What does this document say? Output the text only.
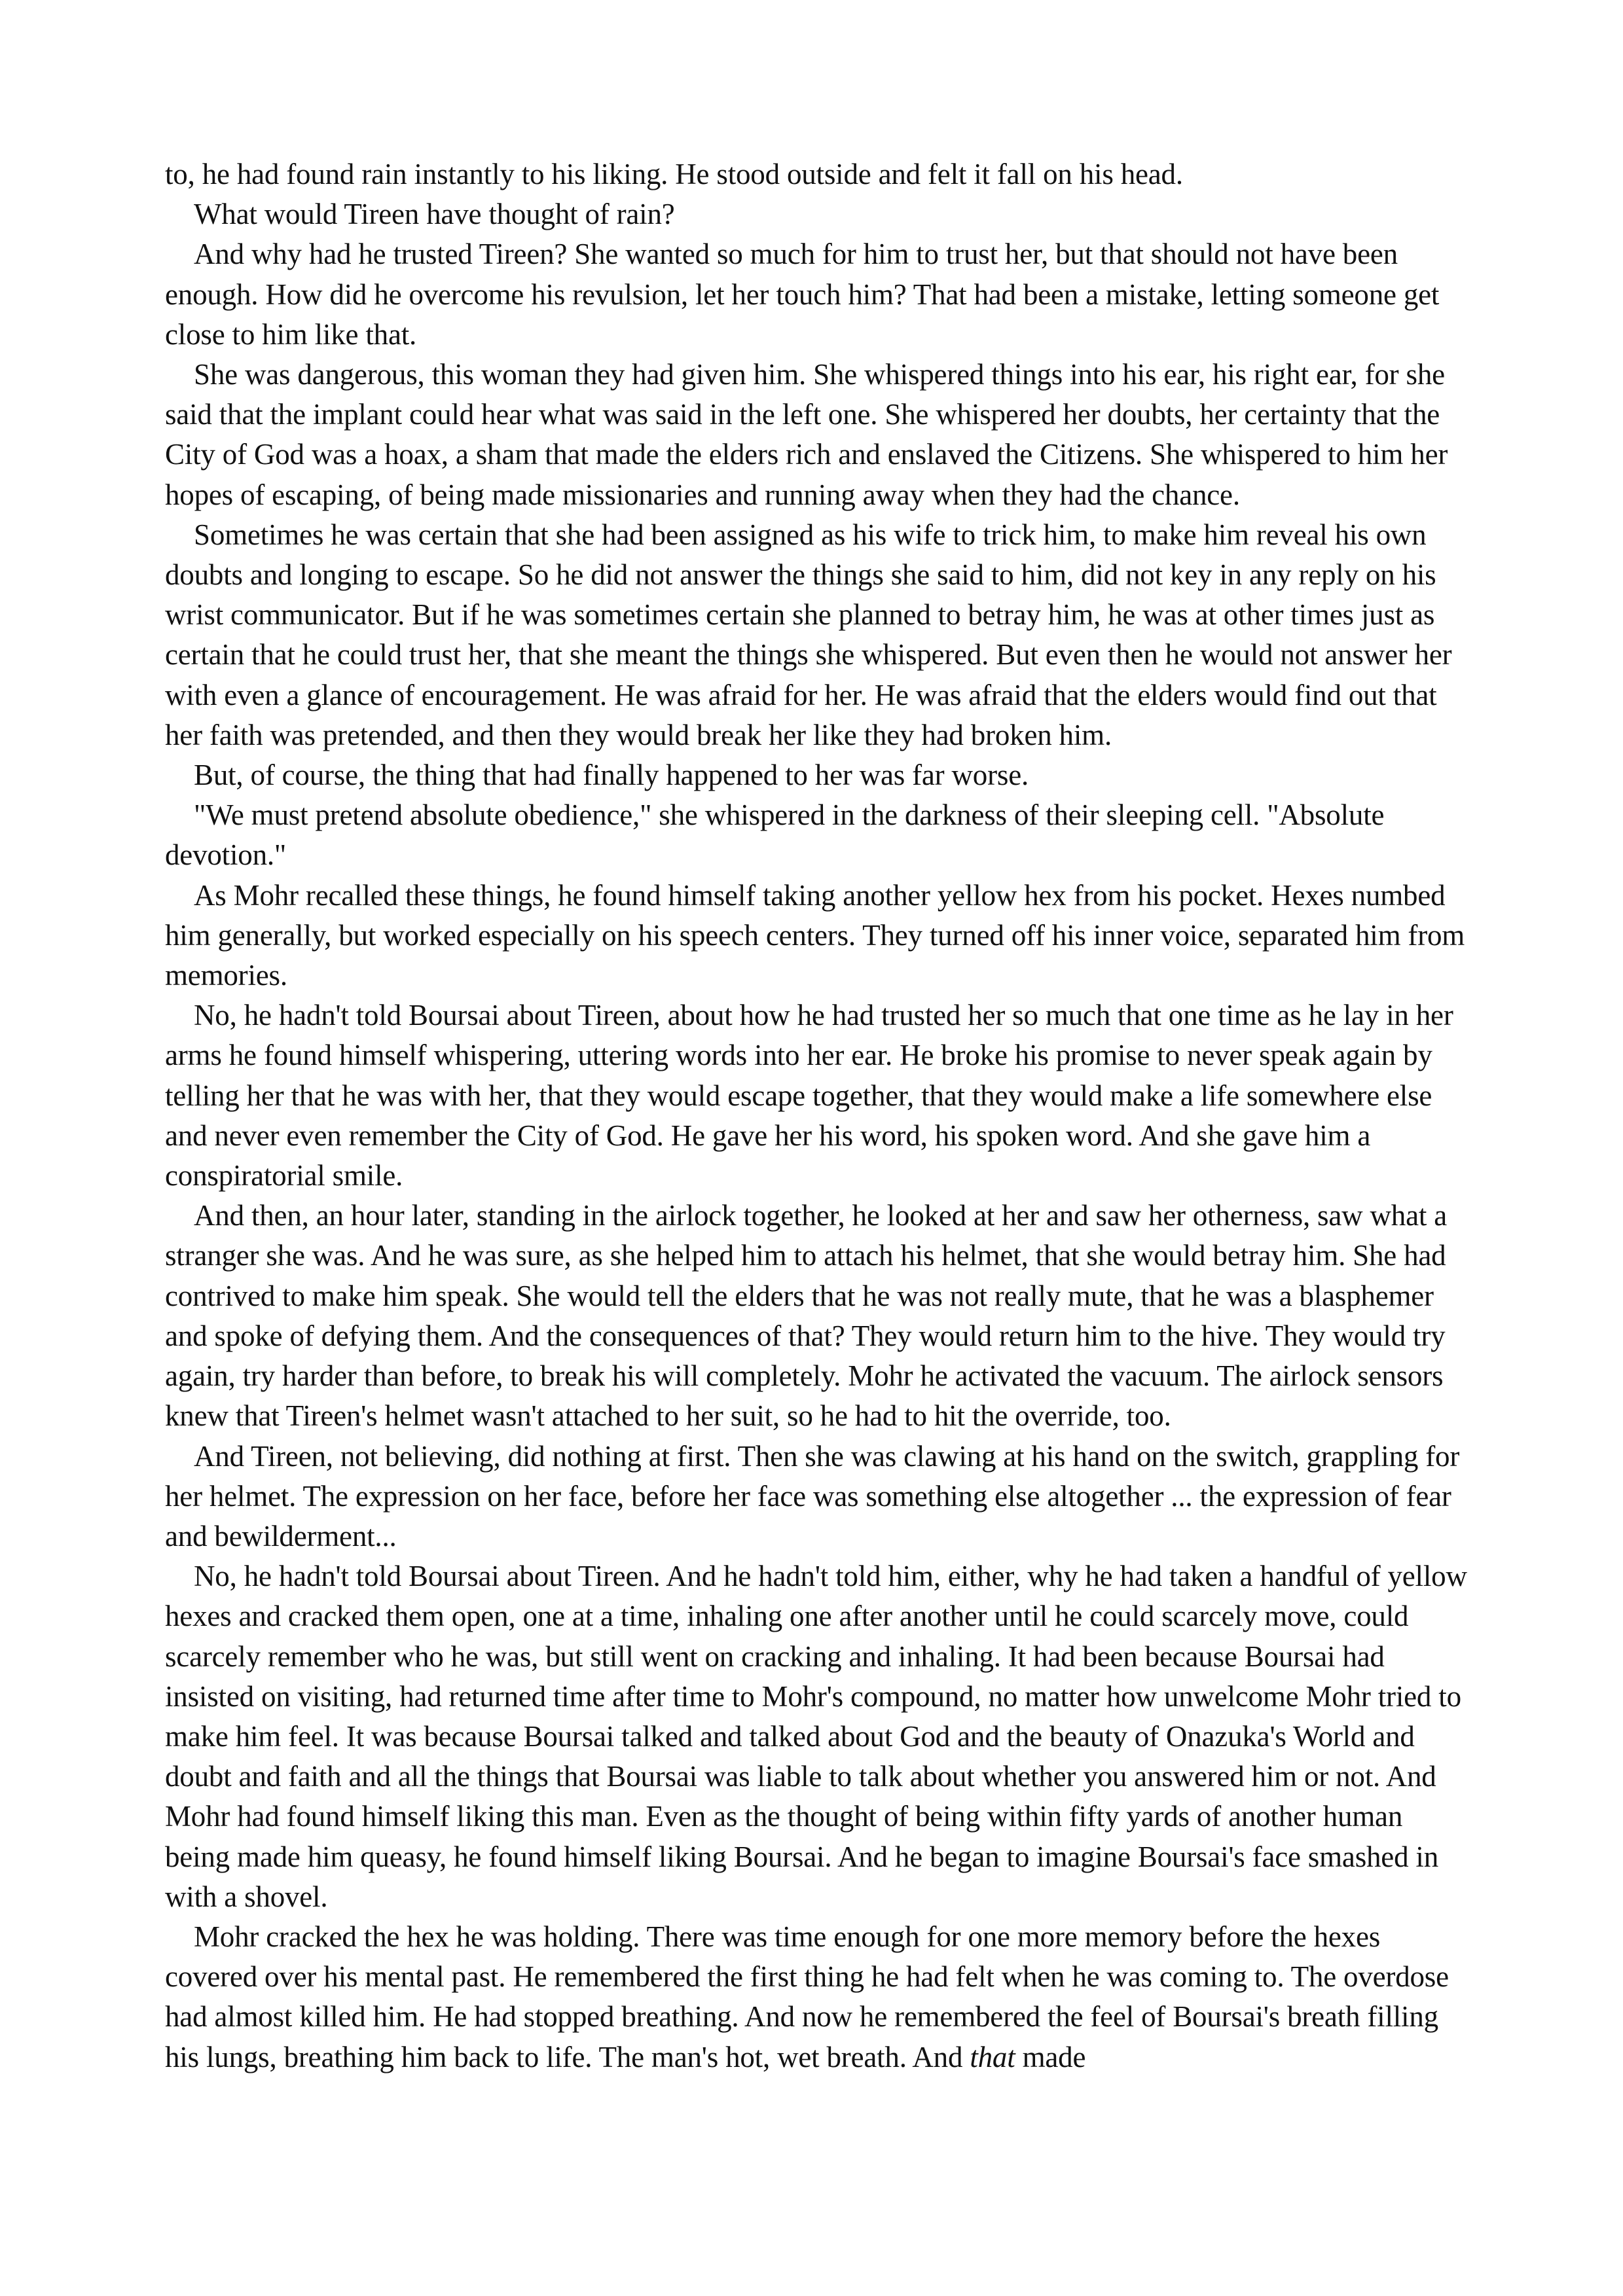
to, he had found rain instantly to his liking. He stood outside and felt it fall on his head.

What would Tireen have thought of rain?

And why had he trusted Tireen? She wanted so much for him to trust her, but that should not have been enough. How did he overcome his revulsion, let her touch him? That had been a mistake, letting someone get close to him like that.

She was dangerous, this woman they had given him. She whispered things into his ear, his right ear, for she said that the implant could hear what was said in the left one. She whispered her doubts, her certainty that the City of God was a hoax, a sham that made the elders rich and enslaved the Citizens. She whispered to him her hopes of escaping, of being made missionaries and running away when they had the chance.

Sometimes he was certain that she had been assigned as his wife to trick him, to make him reveal his own doubts and longing to escape. So he did not answer the things she said to him, did not key in any reply on his wrist communicator. But if he was sometimes certain she planned to betray him, he was at other times just as certain that he could trust her, that she meant the things she whispered. But even then he would not answer her with even a glance of encouragement. He was afraid for her. He was afraid that the elders would find out that her faith was pretended, and then they would break her like they had broken him.

But, of course, the thing that had finally happened to her was far worse.

"We must pretend absolute obedience," she whispered in the darkness of their sleeping cell. "Absolute devotion."

As Mohr recalled these things, he found himself taking another yellow hex from his pocket. Hexes numbed him generally, but worked especially on his speech centers. They turned off his inner voice, separated him from memories.

No, he hadn't told Boursai about Tireen, about how he had trusted her so much that one time as he lay in her arms he found himself whispering, uttering words into her ear. He broke his promise to never speak again by telling her that he was with her, that they would escape together, that they would make a life somewhere else and never even remember the City of God. He gave her his word, his spoken word. And she gave him a conspiratorial smile.

And then, an hour later, standing in the airlock together, he looked at her and saw her otherness, saw what a stranger she was. And he was sure, as she helped him to attach his helmet, that she would betray him. She had contrived to make him speak. She would tell the elders that he was not really mute, that he was a blasphemer and spoke of defying them. And the consequences of that? They would return him to the hive. They would try again, try harder than before, to break his will completely. Mohr he activated the vacuum. The airlock sensors knew that Tireen's helmet wasn't attached to her suit, so he had to hit the override, too.

And Tireen, not believing, did nothing at first. Then she was clawing at his hand on the switch, grappling for her helmet. The expression on her face, before her face was something else altogether ... the expression of fear and bewilderment...

No, he hadn't told Boursai about Tireen. And he hadn't told him, either, why he had taken a handful of yellow hexes and cracked them open, one at a time, inhaling one after another until he could scarcely move, could scarcely remember who he was, but still went on cracking and inhaling. It had been because Boursai had insisted on visiting, had returned time after time to Mohr's compound, no matter how unwelcome Mohr tried to make him feel. It was because Boursai talked and talked about God and the beauty of Onazuka's World and doubt and faith and all the things that Boursai was liable to talk about whether you answered him or not. And Mohr had found himself liking this man. Even as the thought of being within fifty yards of another human being made him queasy, he found himself liking Boursai. And he began to imagine Boursai's face smashed in with a shovel.

Mohr cracked the hex he was holding. There was time enough for one more memory before the hexes covered over his mental past. He remembered the first thing he had felt when he was coming to. The overdose had almost killed him. He had stopped breathing. And now he remembered the feel of Boursai's breath filling his lungs, breathing him back to life. The man's hot, wet breath. And that made
